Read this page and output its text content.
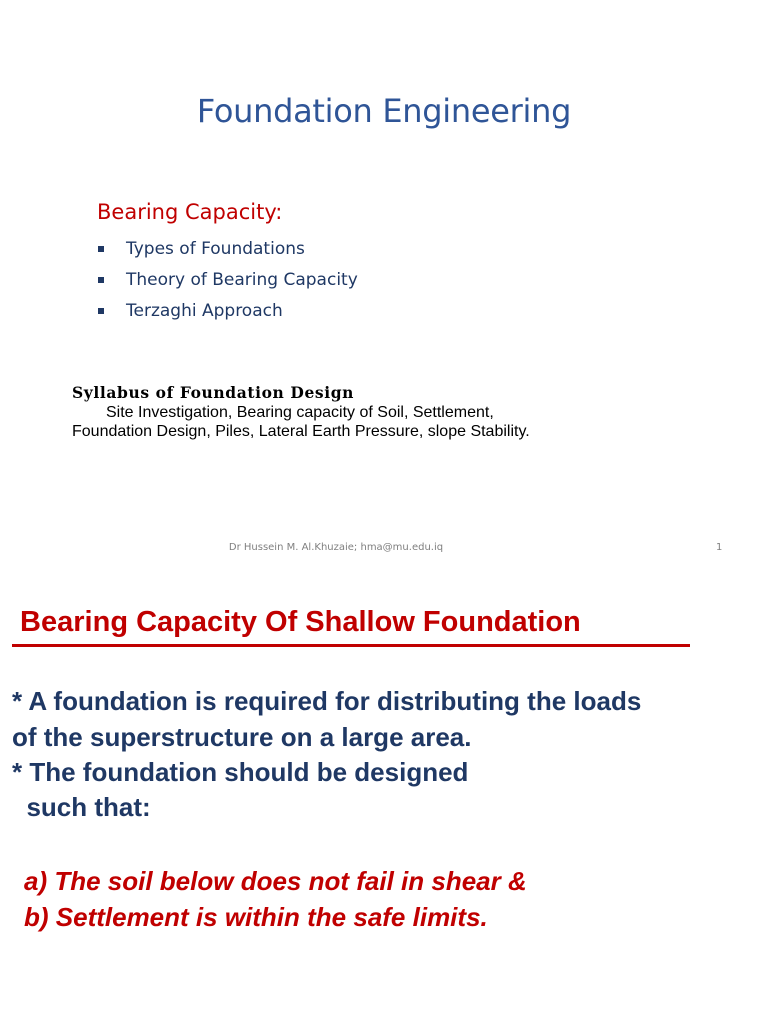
Foundation Engineering
Bearing Capacity:
Types of Foundations
Theory of Bearing Capacity
Terzaghi Approach
Syllabus of Foundation Design
Site Investigation, Bearing capacity of Soil, Settlement,
Foundation Design, Piles, Lateral Earth Pressure, slope Stability.
Dr Hussein M. Al.Khuzaie; hma@mu.edu.iq	1
Bearing Capacity Of Shallow Foundation
* A foundation is required for distributing the loads
of the superstructure on a large area.
* The foundation should be designed
such that:
a) The soil below does not fail in shear &
b) Settlement is within the safe limits.
